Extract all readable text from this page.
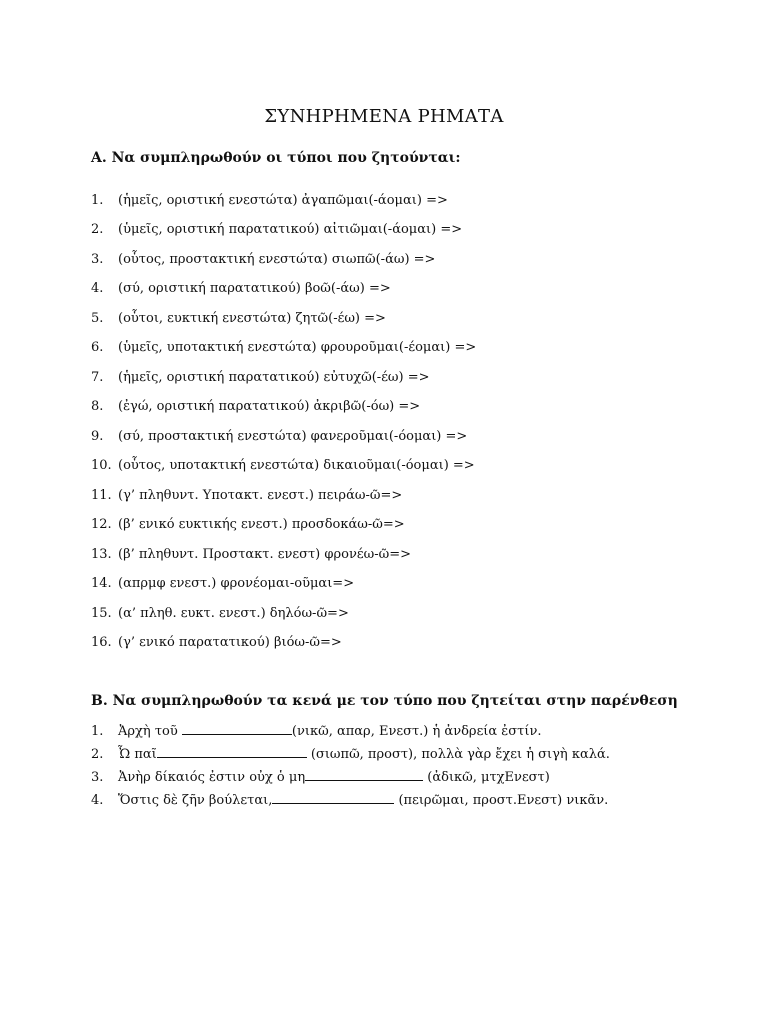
ΣΥΝΗΡΗΜΕΝΑ ΡΗΜΑΤΑ
Α. Να συμπληρωθούν οι τύποι που ζητούνται:
1. (ἡμεῖς, οριστική ενεστώτα) ἀγαπῶμαι(-άομαι) =>
2. (ὑμεῖς, οριστική παρατατικού) αἰτιῶμαι(-άομαι) =>
3. (οὗτος, προστακτική ενεστώτα) σιωπῶ(-άω) =>
4. (σύ, οριστική παρατατικού) βοῶ(-άω) =>
5. (οὗτοι, ευκτική ενεστώτα) ζητῶ(-έω) =>
6. (ὑμεῖς, υποτακτική ενεστώτα) φρουροῦμαι(-έομαι) =>
7. (ἡμεῖς, οριστική παρατατικού) εὐτυχῶ(-έω) =>
8. (ἐγώ, οριστική παρατατικού) ἀκριβῶ(-όω) =>
9. (σύ, προστακτική ενεστώτα) φανεροῦμαι(-όομαι) =>
10. (οὗτος, υποτακτική ενεστώτα) δικαιοῦμαι(-όομαι) =>
11. (γ’ πληθυντ. Υποτακτ. ενεστ.) πειράω-ῶ=>
12. (β’ ενικό ευκτικής ενεστ.) προσδοκάω-ῶ=>
13. (β’ πληθυντ. Προστακτ. ενεστ) φρονέω-ῶ=>
14. (απρμφ ενεστ.) φρονέομαι-οῦμαι=>
15. (α’ πληθ. ευκτ. ενεστ.) δηλόω-ῶ=>
16. (γ’ ενικό παρατατικού) βιόω-ῶ=>
Β. Να συμπληρωθούν τα κενά με τον τύπο που ζητείται στην παρένθεση
1. Ἀρχὴ τοῦ	(νικῶ, απαρ, Ενεστ.) ἡ ἀνδρεία ἐστίν.
2. Ὦ παῖ	(σιωπῶ, προστ), πολλὰ γὰρ ἔχει ἡ σιγὴ καλά.
3. Ἀνὴρ δίκαιός ἐστιν οὐχ ὁ μη	(ἀδικῶ, μτχΕνεστ)
4. Ὅστις δὲ ζῆν βούλεται,	(πειρῶμαι, προστ.Ενεστ) νικᾶν.
